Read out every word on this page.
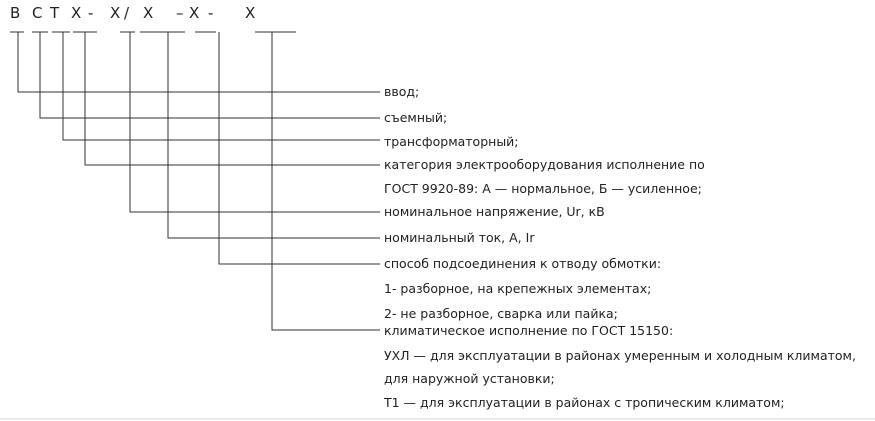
В С Т Х - Х / Х – Х - Х
ввод;
съемный;
трансформаторный;
категория электрооборудования исполнение по
ГОСТ 9920-89: А — нормальное, Б — усиленное;
номинальное напряжение, Ur, кВ
номинальный ток, А, Ir
способ подсоединения к отводу обмотки:
1- разборное, на крепежных элементах;
2- не разборное, сварка или пайка;
климатическое исполнение по ГОСТ 15150:
УХЛ — для эксплуатации в районах умеренным и холодным климатом,
для наружной установки;
Т1 — для эксплуатации в районах с тропическим климатом;
